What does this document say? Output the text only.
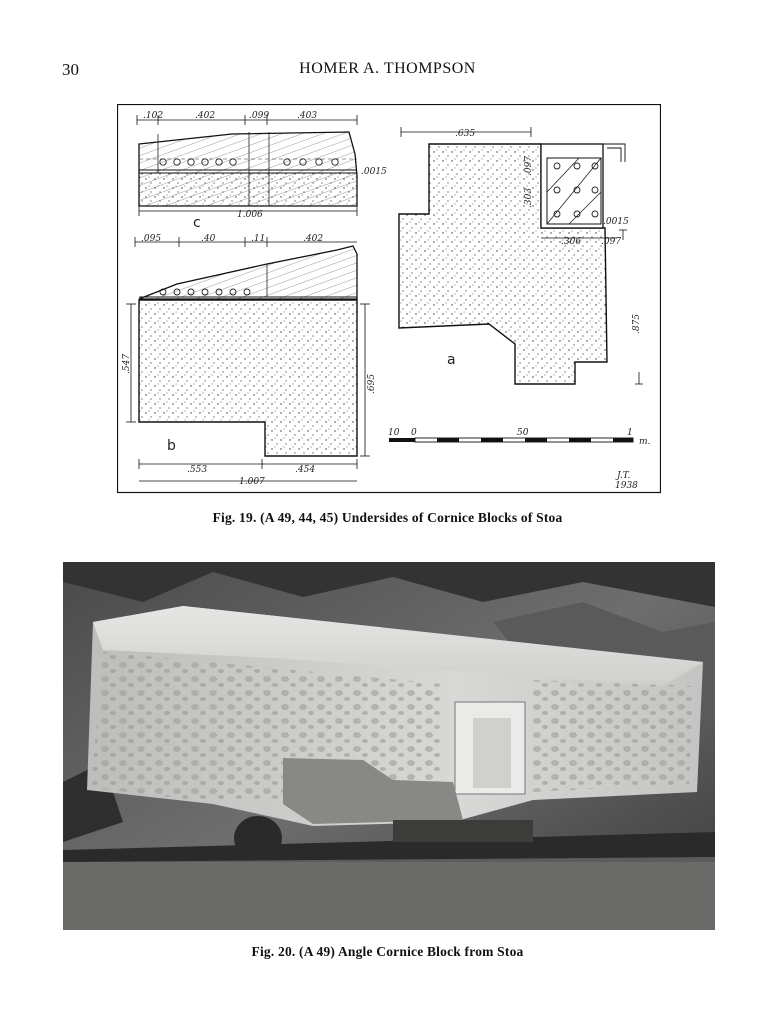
30	HOMER A. THOMPSON
.102	.402	.099	.403
c	1.006
.0015
.095	.40	.11	.402
.547
.695
b
.553	.454
1.007
.635
.097
.303
.306 .097
.0015
.875
a
10 0	50	1
m.
J.T.
1938
Fig. 19. (A 49, 44, 45) Undersides of Cornice Blocks of Stoa
Fig. 20. (A 49) Angle Cornice Block from Stoa
